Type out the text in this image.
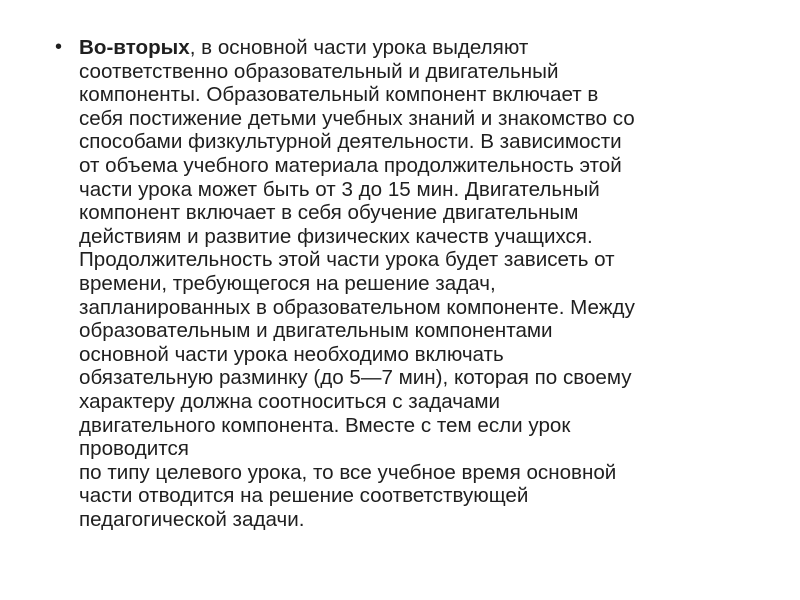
• Во-вторых, в основной части урока выделяют
соответственно образовательный и двигательный
компоненты. Образовательный компонент включает в
себя постижение детьми учебных знаний и знакомство со
способами физкультурной деятельности. В зависимости
от объема учебного материала продолжительность этой
части урока может быть от 3 до 15 мин. Двигательный
компонент включает в себя обучение двигательным
действиям и развитие физических качеств учащихся.
Продолжительность этой части урока будет зависеть от
времени, требующегося на решение задач,
запланированных в образовательном компоненте. Между
образовательным и двигательным компонентами
основной части урока необходимо включать
обязательную разминку (до 5—7 мин), которая по своему
характеру должна соотноситься с задачами
двигательного компонента. Вместе с тем если урок
проводится
по типу целевого урока, то все учебное время основной
части отводится на решение соответствующей
педагогической задачи.
